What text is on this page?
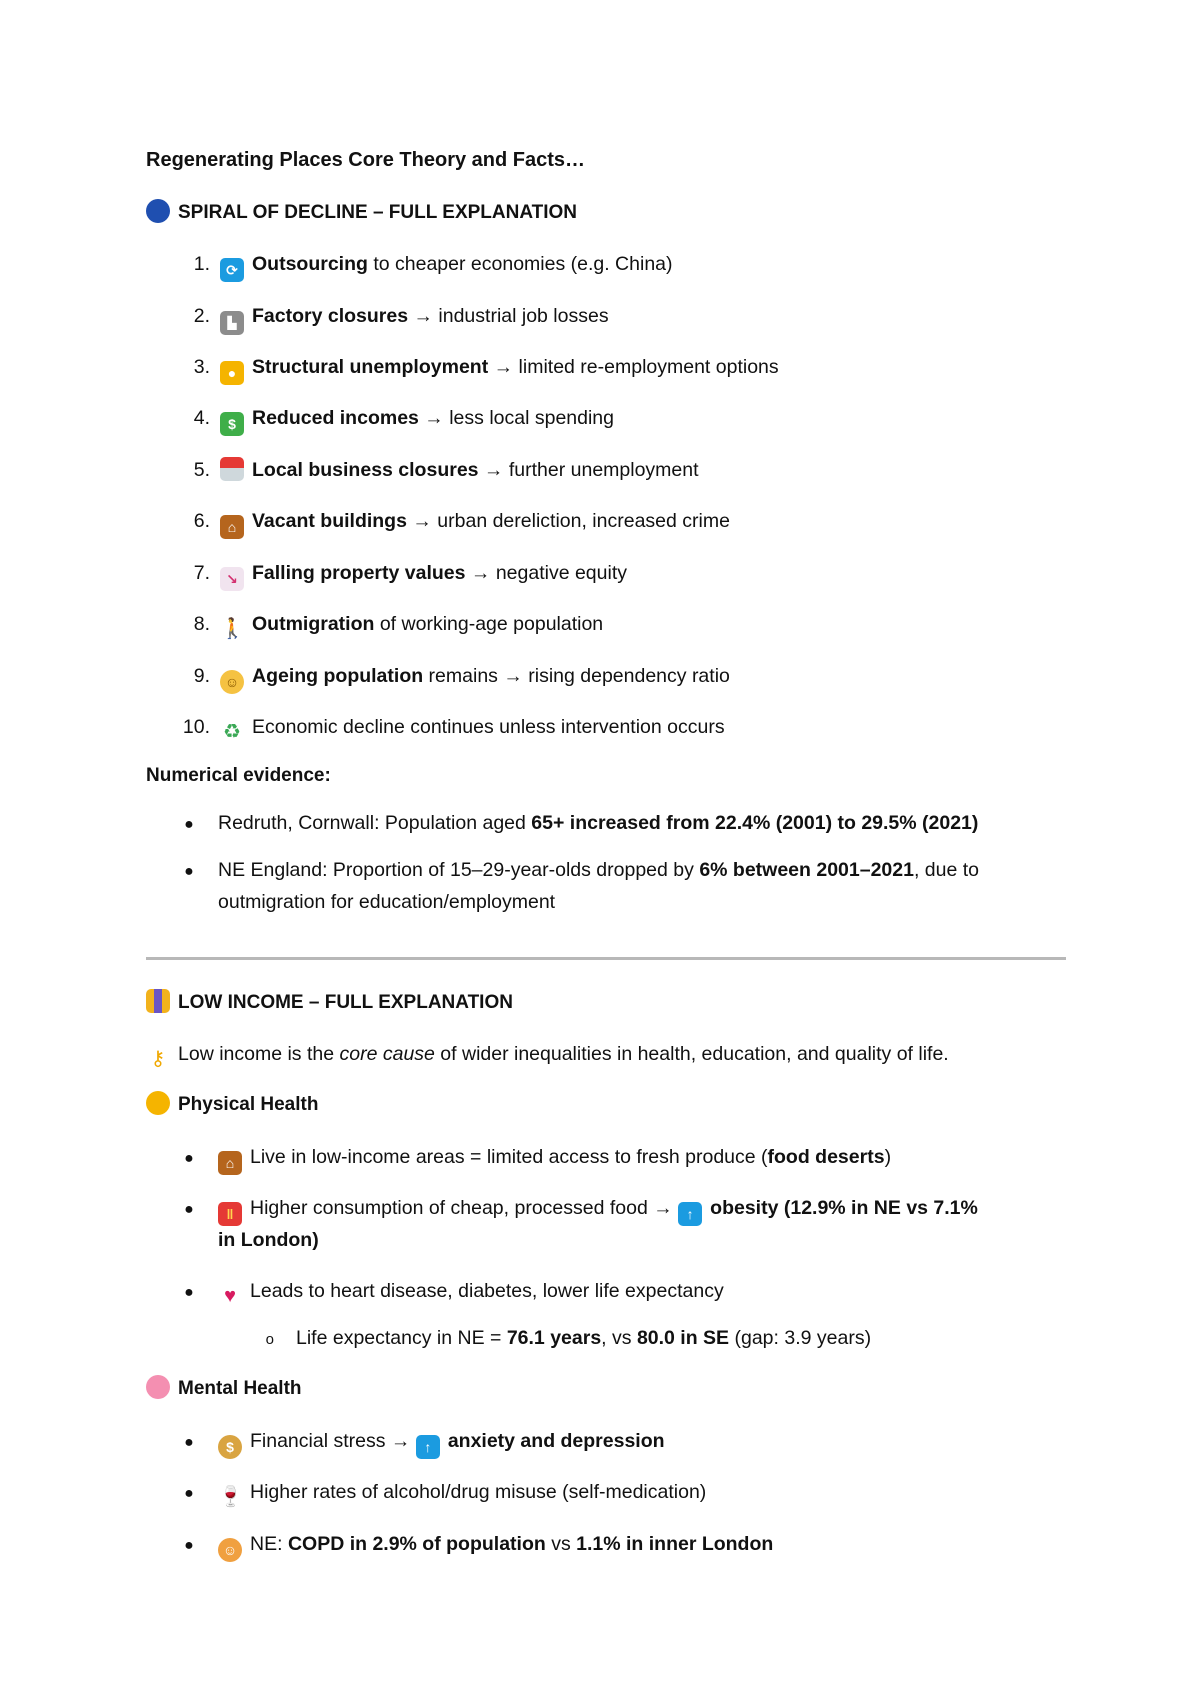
Regenerating Places Core Theory and Facts…
SPIRAL OF DECLINE – FULL EXPLANATION
1. ⟳ Outsourcing to cheaper economies (e.g. China)
2. ▙ Factory closures → industrial job losses
3. ● Structural unemployment → limited re-employment options
4. $ Reduced incomes → less local spending
5. Local business closures → further unemployment
6. ⌂ Vacant buildings → urban dereliction, increased crime
7. ↘ Falling property values → negative equity
8. 🚶 Outmigration of working-age population
9. ☺ Ageing population remains → rising dependency ratio
10. ♻ Economic decline continues unless intervention occurs
Numerical evidence:
● Redruth, Cornwall: Population aged 65+ increased from 22.4% (2001) to 29.5% (2021)
● NE England: Proportion of 15–29-year-olds dropped by 6% between 2001–2021, due to
outmigration for education/employment
LOW INCOME – FULL EXPLANATION
⚷ Low income is the core cause of wider inequalities in health, education, and quality of life.
Physical Health
● ⌂ Live in low-income areas = limited access to fresh produce (food deserts)
● ‖ Higher consumption of cheap, processed food → ↑ obesity (12.9% in NE vs 7.1%
in London)
● ♥ Leads to heart disease, diabetes, lower life expectancy
o Life expectancy in NE = 76.1 years, vs 80.0 in SE (gap: 3.9 years)
Mental Health
● $ Financial stress → ↑ anxiety and depression
● 🍷 Higher rates of alcohol/drug misuse (self-medication)
● ☺ NE: COPD in 2.9% of population vs 1.1% in inner London
